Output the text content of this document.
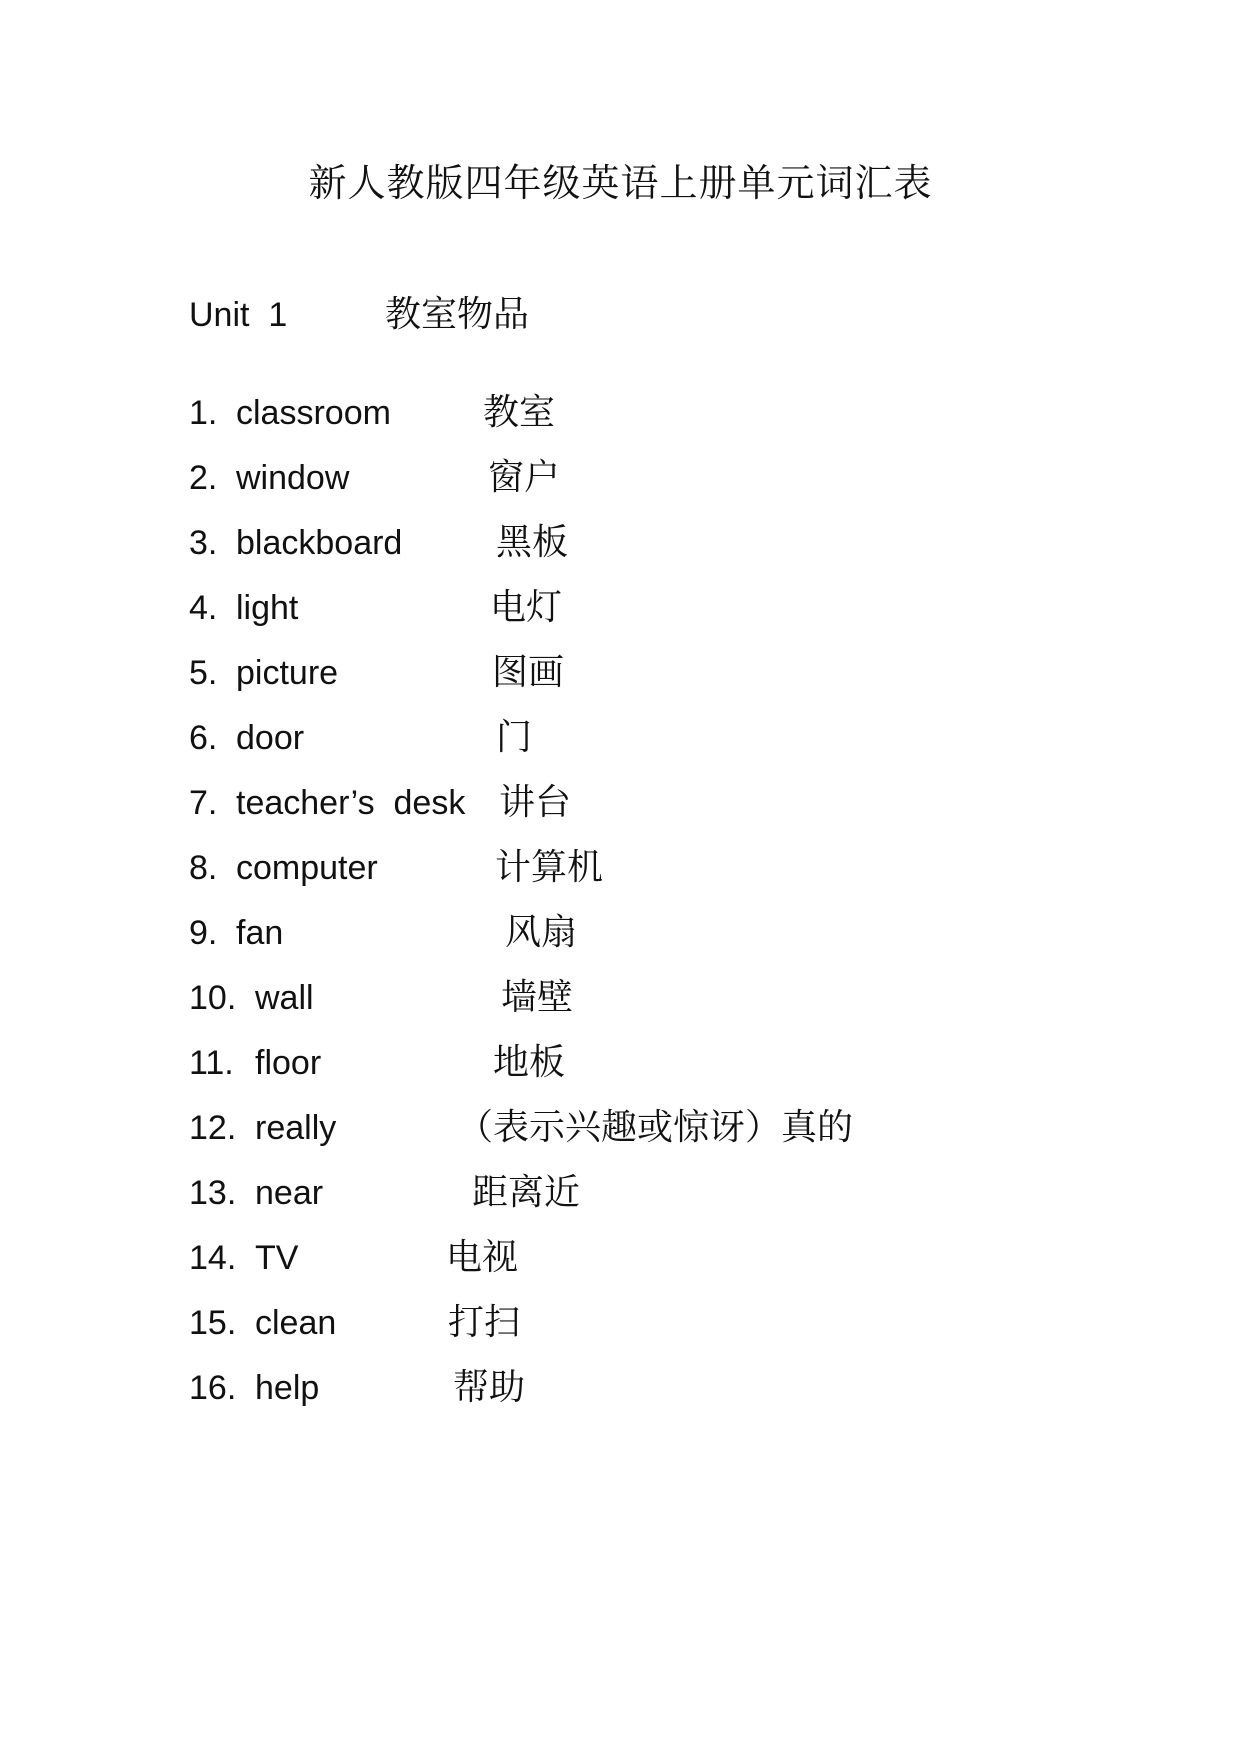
新人教版四年级英语上册单元词汇表
Unit  1	教室物品
1. classroom	教室
2. window	窗户
3. blackboard	黑板
4. light	电灯
5. picture	图画
6. door	门
7. teacher’s  desk 讲台
8. computer	计算机
9. fan	风扇
10. wall	墙壁
11. floor	地板
12. really	（表示兴趣或惊讶）真的
13. near	距离近
14. TV	电视
15. clean	打扫
16. help	帮助
